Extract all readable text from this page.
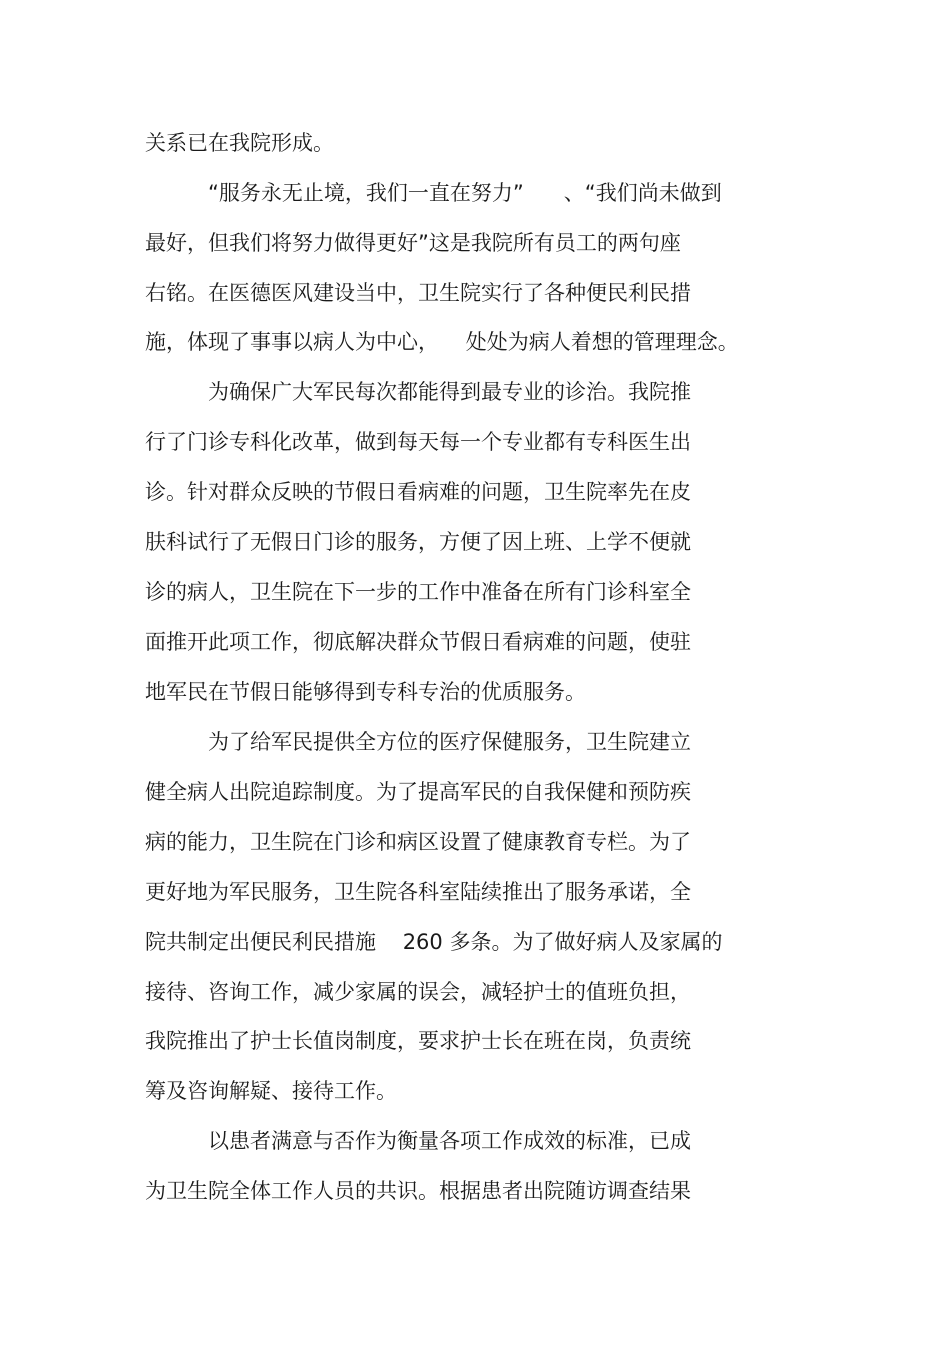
关系已在我院形成。
“服务永无止境，我们一直在努力”      、“我们尚未做到
最好，但我们将努力做得更好”这是我院所有员工的两句座
右铭。在医德医风建设当中，卫生院实行了各种便民利民措
施，体现了事事以病人为中心，    处处为病人着想的管理理念。
为确保广大军民每次都能得到最专业的诊治。我院推
行了门诊专科化改革，做到每天每一个专业都有专科医生出
诊。针对群众反映的节假日看病难的问题，卫生院率先在皮
肤科试行了无假日门诊的服务，方便了因上班、上学不便就
诊的病人，卫生院在下一步的工作中准备在所有门诊科室全
面推开此项工作，彻底解决群众节假日看病难的问题，使驻
地军民在节假日能够得到专科专治的优质服务。
为了给军民提供全方位的医疗保健服务，卫生院建立
健全病人出院追踪制度。为了提高军民的自我保健和预防疾
病的能力，卫生院在门诊和病区设置了健康教育专栏。为了
更好地为军民服务，卫生院各科室陆续推出了服务承诺，全
院共制定出便民利民措施    260 多条。为了做好病人及家属的
接待、咨询工作，减少家属的误会，减轻护士的值班负担，
我院推出了护士长值岗制度，要求护士长在班在岗，负责统
筹及咨询解疑、接待工作。
以患者满意与否作为衡量各项工作成效的标准，已成
为卫生院全体工作人员的共识。根据患者出院随访调查结果
